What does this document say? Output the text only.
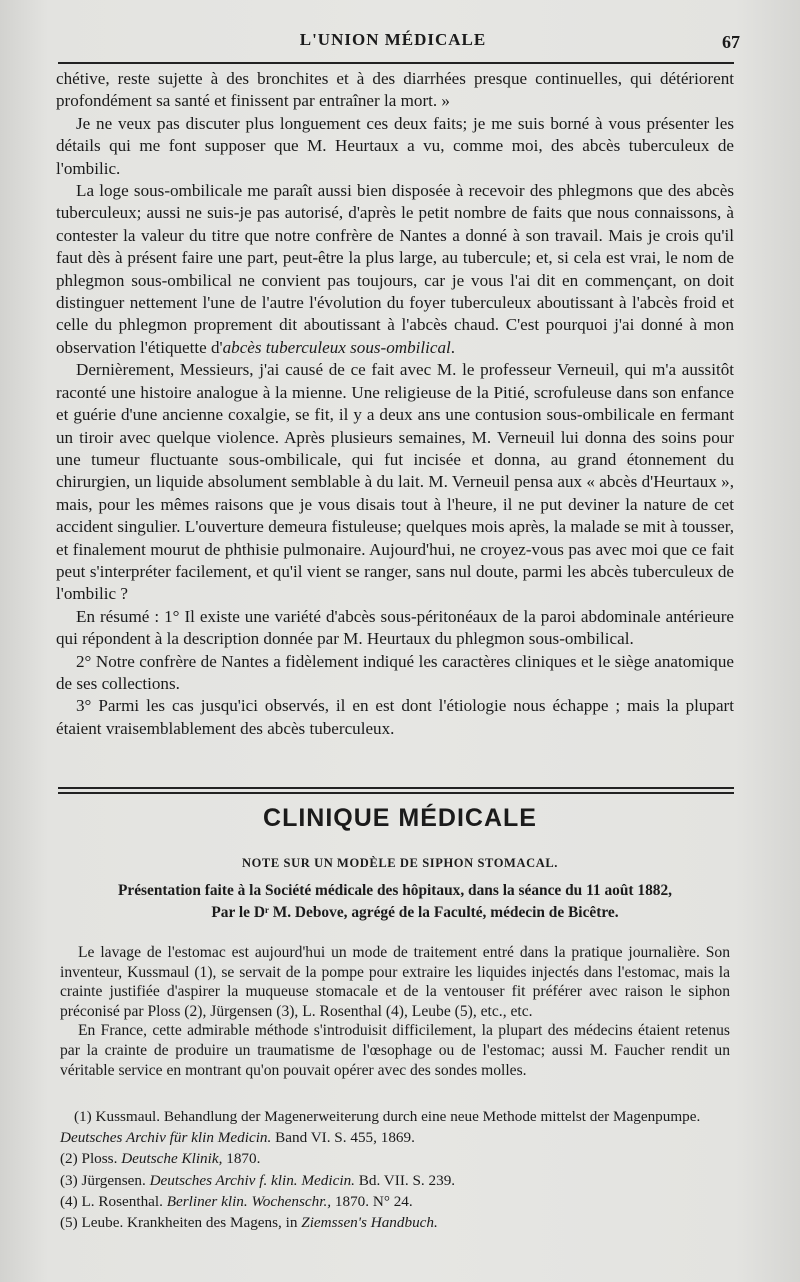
L'UNION MÉDICALE	67

chétive, reste sujette à des bronchites et à des diarrhées presque continuelles, qui détériorent profondément sa santé et finissent par entraîner la mort. »

Je ne veux pas discuter plus longuement ces deux faits; je me suis borné à vous présenter les détails qui me font supposer que M. Heurtaux a vu, comme moi, des abcès tuberculeux de l'ombilic.

La loge sous-ombilicale me paraît aussi bien disposée à recevoir des phlegmons que des abcès tuberculeux; aussi ne suis-je pas autorisé, d'après le petit nombre de faits que nous connaissons, à contester la valeur du titre que notre confrère de Nantes a donné à son travail. Mais je crois qu'il faut dès à présent faire une part, peut-être la plus large, au tubercule; et, si cela est vrai, le nom de phlegmon sous-ombilical ne convient pas toujours, car je vous l'ai dit en commençant, on doit distinguer nettement l'une de l'autre l'évolution du foyer tuberculeux aboutissant à l'abcès froid et celle du phlegmon proprement dit aboutissant à l'abcès chaud. C'est pourquoi j'ai donné à mon observation l'étiquette d'abcès tuberculeux sous-ombilical.

Dernièrement, Messieurs, j'ai causé de ce fait avec M. le professeur Verneuil, qui m'a aussitôt raconté une histoire analogue à la mienne. Une religieuse de la Pitié, scrofuleuse dans son enfance et guérie d'une ancienne coxalgie, se fit, il y a deux ans une contusion sous-ombilicale en fermant un tiroir avec quelque violence. Après plusieurs semaines, M. Verneuil lui donna des soins pour une tumeur fluctuante sous-ombilicale, qui fut incisée et donna, au grand étonnement du chirurgien, un liquide absolument semblable à du lait. M. Verneuil pensa aux « abcès d'Heurtaux », mais, pour les mêmes raisons que je vous disais tout à l'heure, il ne put deviner la nature de cet accident singulier. L'ouverture demeura fistuleuse; quelques mois après, la malade se mit à tousser, et finalement mourut de phthisie pulmonaire. Aujourd'hui, ne croyez-vous pas avec moi que ce fait peut s'interpréter facilement, et qu'il vient se ranger, sans nul doute, parmi les abcès tuberculeux de l'ombilic ?

En résumé : 1° Il existe une variété d'abcès sous-péritonéaux de la paroi abdominale antérieure qui répondent à la description donnée par M. Heurtaux du phlegmon sous-ombilical.

2° Notre confrère de Nantes a fidèlement indiqué les caractères cliniques et le siège anatomique de ses collections.

3° Parmi les cas jusqu'ici observés, il en est dont l'étiologie nous échappe ; mais la plupart étaient vraisemblablement des abcès tuberculeux.

CLINIQUE MÉDICALE
NOTE SUR UN MODÈLE DE SIPHON STOMACAL.
Présentation faite à la Société médicale des hôpitaux, dans la séance du 11 août 1882,
Par le Dʳ M. Debove, agrégé de la Faculté, médecin de Bicêtre.

Le lavage de l'estomac est aujourd'hui un mode de traitement entré dans la pratique journalière. Son inventeur, Kussmaul (1), se servait de la pompe pour extraire les liquides injectés dans l'estomac, mais la crainte justifiée d'aspirer la muqueuse stomacale et de la ventouser fit préférer avec raison le siphon préconisé par Ploss (2), Jürgensen (3), L. Rosenthal (4), Leube (5), etc., etc.

En France, cette admirable méthode s'introduisit difficilement, la plupart des médecins étaient retenus par la crainte de produire un traumatisme de l'œsophage ou de l'estomac; aussi M. Faucher rendit un véritable service en montrant qu'on pouvait opérer avec des sondes molles.

(1) Kussmaul. Behandlung der Magenerweiterung durch eine neue Methode mittelst der Magenpumpe. Deutsches Archiv für klin Medicin. Band VI. S. 455, 1869.
(2) Ploss. Deutsche Klinik, 1870.
(3) Jürgensen. Deutsches Archiv f. klin. Medicin. Bd. VII. S. 239.
(4) L. Rosenthal. Berliner klin. Wochenschr., 1870. N° 24.
(5) Leube. Krankheiten des Magens, in Ziemssen's Handbuch.
